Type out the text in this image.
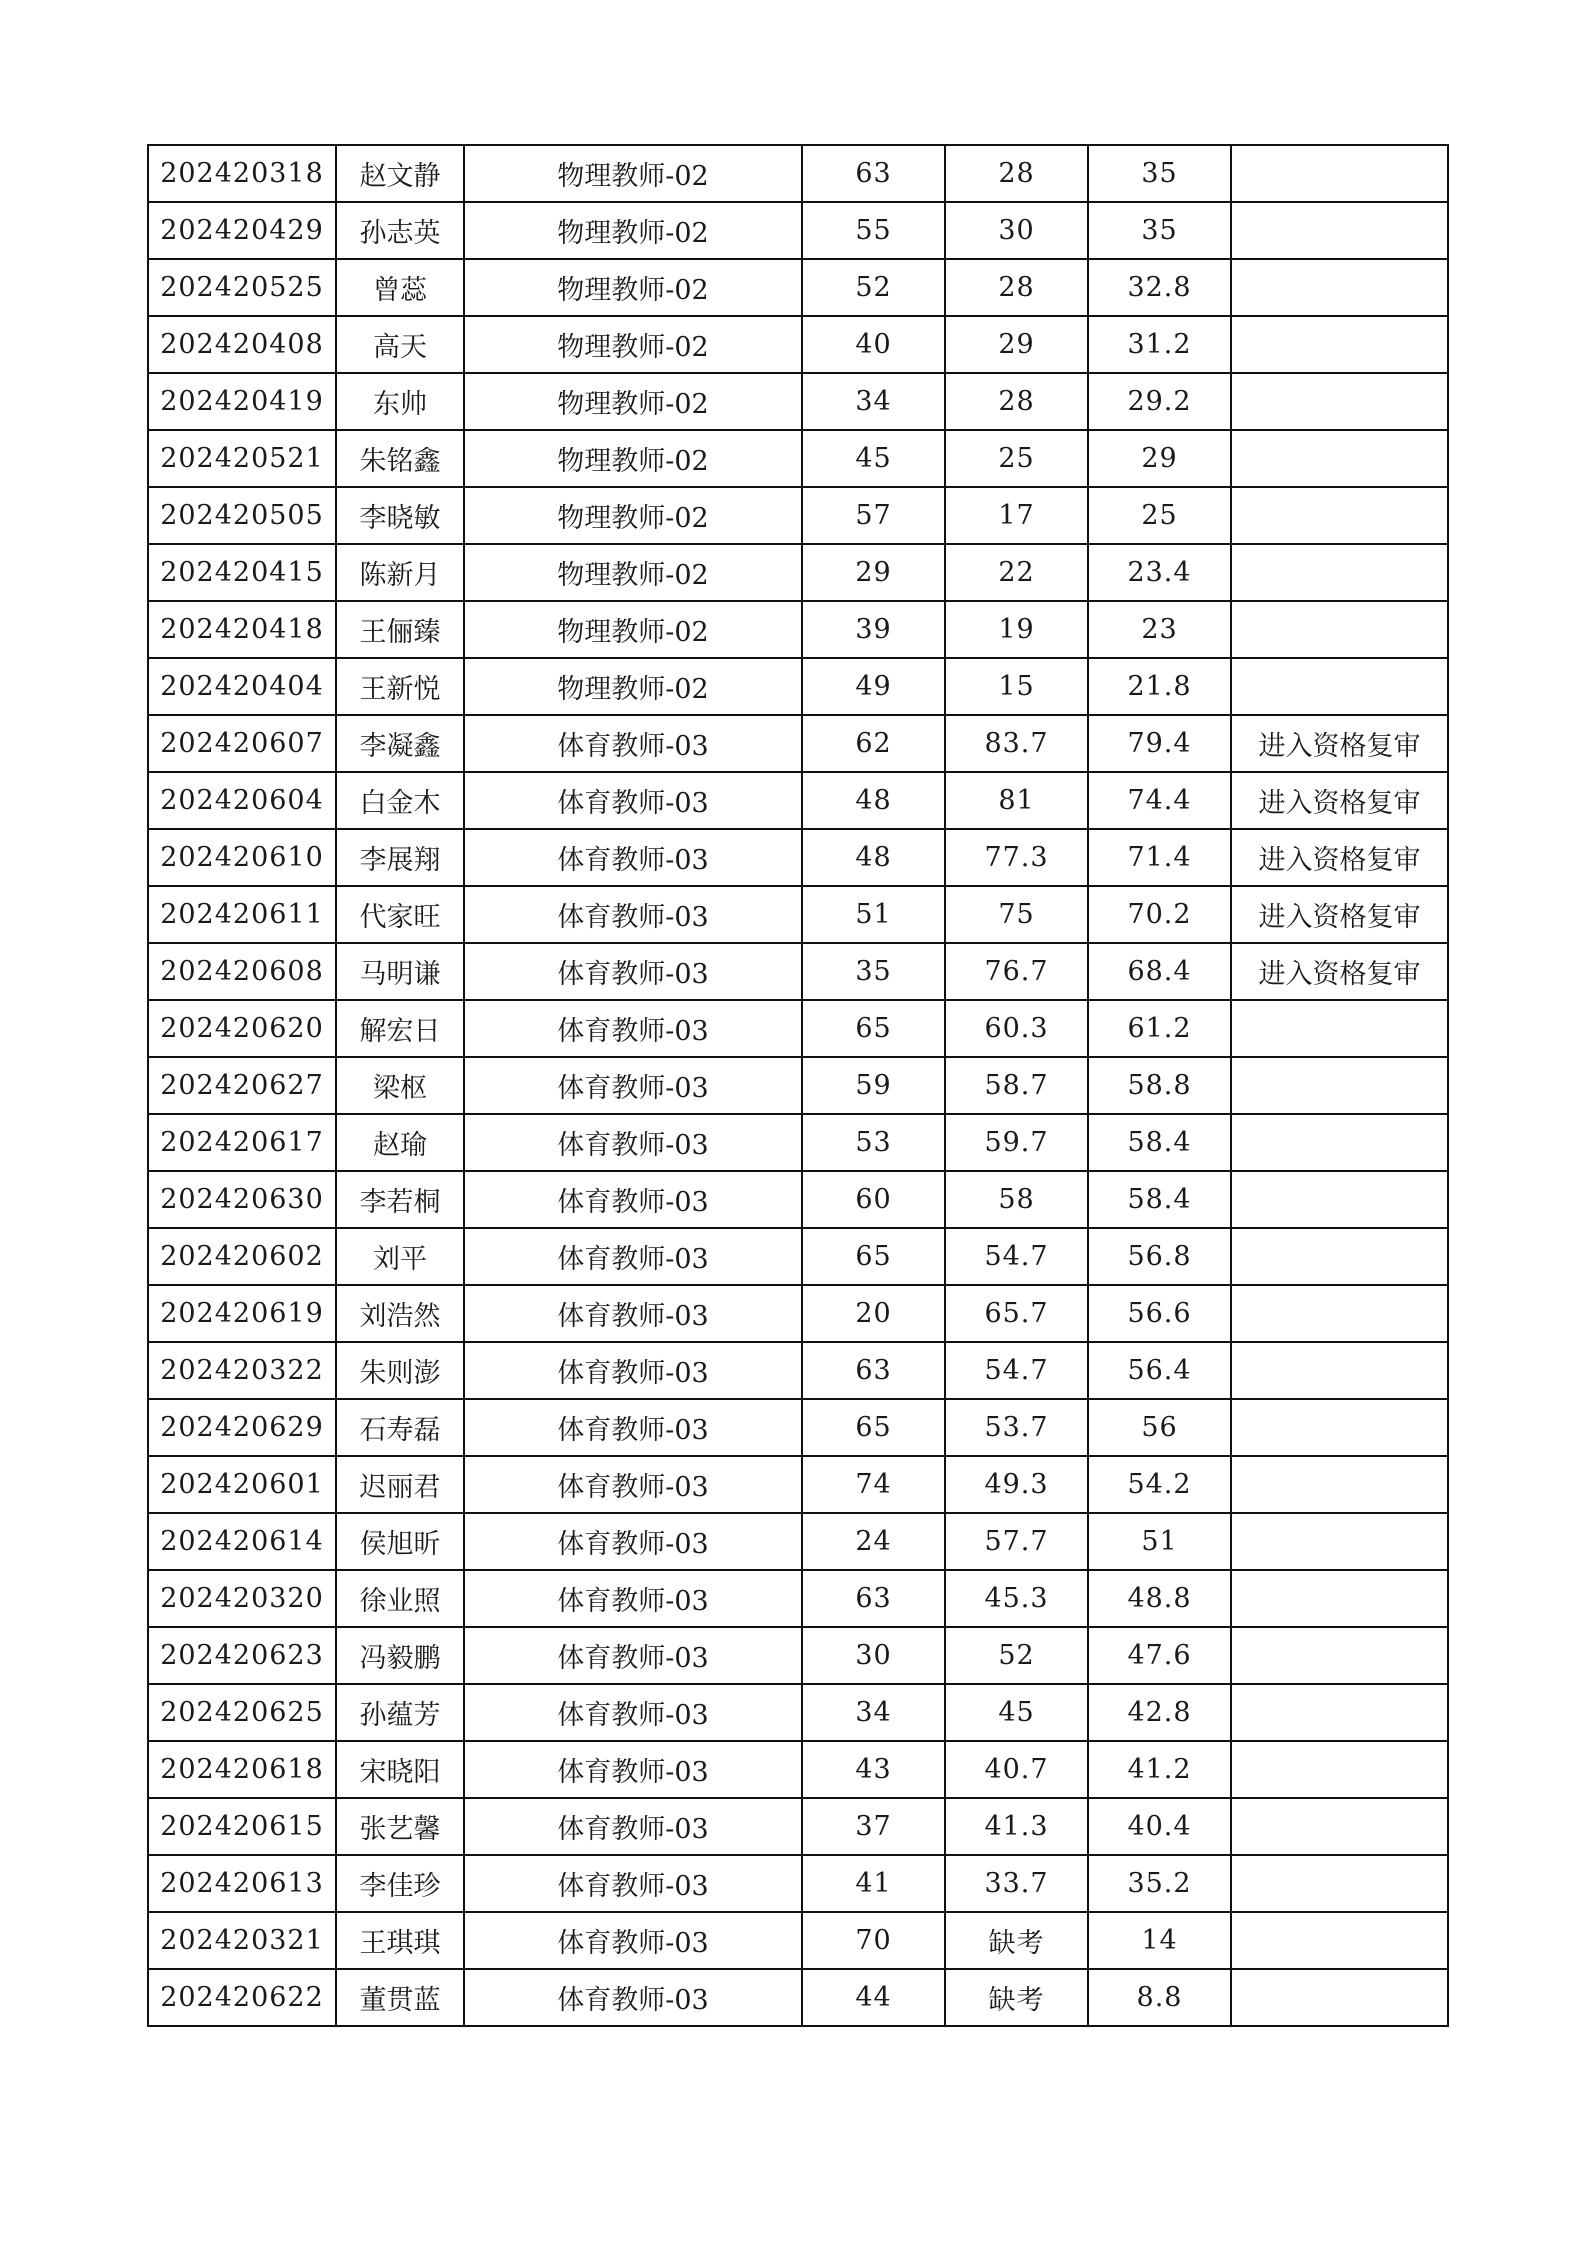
202420318	赵文静	物理教师-02	63	28	35	
202420429	孙志英	物理教师-02	55	30	35	
202420525	曾蕊	物理教师-02	52	28	32.8	
202420408	高天	物理教师-02	40	29	31.2	
202420419	东帅	物理教师-02	34	28	29.2	
202420521	朱铭鑫	物理教师-02	45	25	29	
202420505	李晓敏	物理教师-02	57	17	25	
202420415	陈新月	物理教师-02	29	22	23.4	
202420418	王俪臻	物理教师-02	39	19	23	
202420404	王新悦	物理教师-02	49	15	21.8	
202420607	李凝鑫	体育教师-03	62	83.7	79.4	进入资格复审
202420604	白金木	体育教师-03	48	81	74.4	进入资格复审
202420610	李展翔	体育教师-03	48	77.3	71.4	进入资格复审
202420611	代家旺	体育教师-03	51	75	70.2	进入资格复审
202420608	马明谦	体育教师-03	35	76.7	68.4	进入资格复审
202420620	解宏日	体育教师-03	65	60.3	61.2	
202420627	梁枢	体育教师-03	59	58.7	58.8	
202420617	赵瑜	体育教师-03	53	59.7	58.4	
202420630	李若桐	体育教师-03	60	58	58.4	
202420602	刘平	体育教师-03	65	54.7	56.8	
202420619	刘浩然	体育教师-03	20	65.7	56.6	
202420322	朱则澎	体育教师-03	63	54.7	56.4	
202420629	石寿磊	体育教师-03	65	53.7	56	
202420601	迟丽君	体育教师-03	74	49.3	54.2	
202420614	侯旭昕	体育教师-03	24	57.7	51	
202420320	徐业照	体育教师-03	63	45.3	48.8	
202420623	冯毅鹏	体育教师-03	30	52	47.6	
202420625	孙蕴芳	体育教师-03	34	45	42.8	
202420618	宋晓阳	体育教师-03	43	40.7	41.2	
202420615	张艺馨	体育教师-03	37	41.3	40.4	
202420613	李佳珍	体育教师-03	41	33.7	35.2	
202420321	王琪琪	体育教师-03	70	缺考	14	
202420622	董贯蓝	体育教师-03	44	缺考	8.8	
